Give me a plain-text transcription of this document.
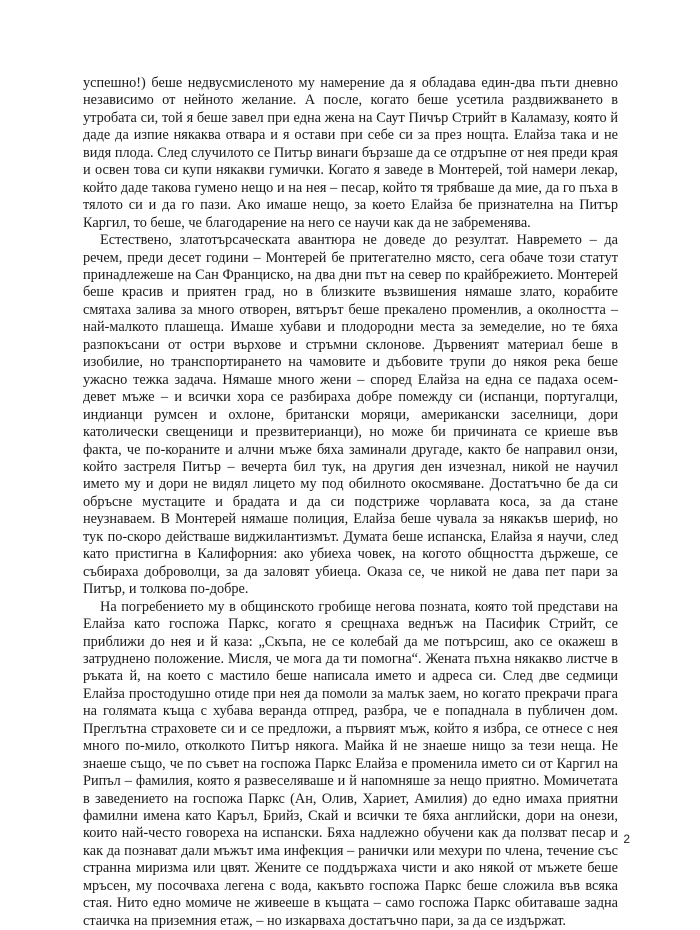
успешно!) беше недвусмисленото му намерение да я обладава един-два пъти дневно независимо от нейното желание. А после, когато беше усетила раздвижването в утробата си, той я беше завел при една жена на Саут Пичър Стрийт в Каламазу, която й даде да изпие някаква отвара и я остави при себе си за през нощта. Елайза така и не видя плода. След случилото се Питър винаги бързаше да се отдръпне от нея преди края и освен това си купи някакви гумички. Когато я заведе в Монтерей, той намери лекар, който даде такова гумено нещо и на нея – песар, който тя трябваше да мие, да го пъха в тялото си и да го пази. Ако имаше нещо, за което Елайза бе признателна на Питър Каргил, то беше, че благодарение на него се научи как да не забременява.

Естествено, златотърсаческата авантюра не доведе до резултат. Навремето – да речем, преди десет години – Монтерей бе притегателно място, сега обаче този статут принадлежеше на Сан Франциско, на два дни път на север по крайбрежието. Монтерей беше красив и приятен град, но в близките възвишения нямаше злато, корабите смятаха залива за много отворен, вятърът беше прекалено променлив, а околността – най-малкото плашеща. Имаше хубави и плодородни места за земеделие, но те бяха разпокъсани от остри върхове и стръмни склонове. Дървеният материал беше в изобилие, но транспортирането на чамовите и дъбовите трупи до някоя река беше ужасно тежка задача. Нямаше много жени – според Елайза на една се падаха осем-девет мъже – и всички хора се разбираха добре помежду си (испанци, португалци, индианци румсен и охлоне, британски моряци, американски заселници, дори католически свещеници и презвитерианци), но може би причината се криеше във факта, че по-кораните и алчни мъже бяха заминали другаде, както бе направил онзи, който застреля Питър – вечерта бил тук, на другия ден изчезнал, никой не научил името му и дори не видял лицето му под обилното окосмяване. Достатъчно бе да си обръсне мустаците и брадата и да си подстриже чорлавата коса, за да стане неузнаваем. В Монтерей нямаше полиция, Елайза беше чувала за някакъв шериф, но тук по-скоро действаше виджилантизмът. Думата беше испанска, Елайза я научи, след като пристигна в Калифорния: ако убиеха човек, на когото общността държеше, се събираха доброволци, за да заловят убиеца. Оказа се, че никой не дава пет пари за Питър, и толкова по-добре.

На погребението му в общинското гробище негова позната, която той представи на Елайза като госпожа Паркс, когато я срещнаха веднъж на Пасифик Стрийт, се приближи до нея и й каза: „Скъпа, не се колебай да ме потърсиш, ако се окажеш в затруднено положение. Мисля, че мога да ти помогна“. Жената пъхна някакво листче в ръката й, на което с мастило беше написала името и адреса си. След две седмици Елайза простодушно отиде при нея да помоли за малък заем, но когато прекрачи прага на голямата къща с хубава веранда отпред, разбра, че е попаднала в публичен дом. Преглътна страховете си и се предложи, а първият мъж, който я избра, се отнесе с нея много по-мило, отколкото Питър някога. Майка й не знаеше нищо за тези неща. Не знаеше също, че по съвет на госпожа Паркс Елайза е променила името си от Каргил на Рипъл – фамилия, която я развеселяваше и й напомняше за нещо приятно. Момичетата в заведението на госпожа Паркс (Ан, Олив, Хариет, Амилия) до едно имаха приятни фамилни имена като Каръл, Брийз, Скай и всички те бяха английски, дори на онези, които най-често говореха на испански. Бяха надлежно обучени как да ползват песар и как да познават дали мъжът има инфекция – ранички или мехури по члена, течение със странна миризма или цвят. Жените се поддържаха чисти и ако някой от мъжете беше мръсен, му посочваха легена с вода, какъвто госпожа Паркс беше сложила във всяка стая. Нито едно момиче не живееше в къщата – само госпожа Паркс обитаваше задна стаичка на приземния етаж, – но изкарваха достатъчно пари, за да се издържат.

2
